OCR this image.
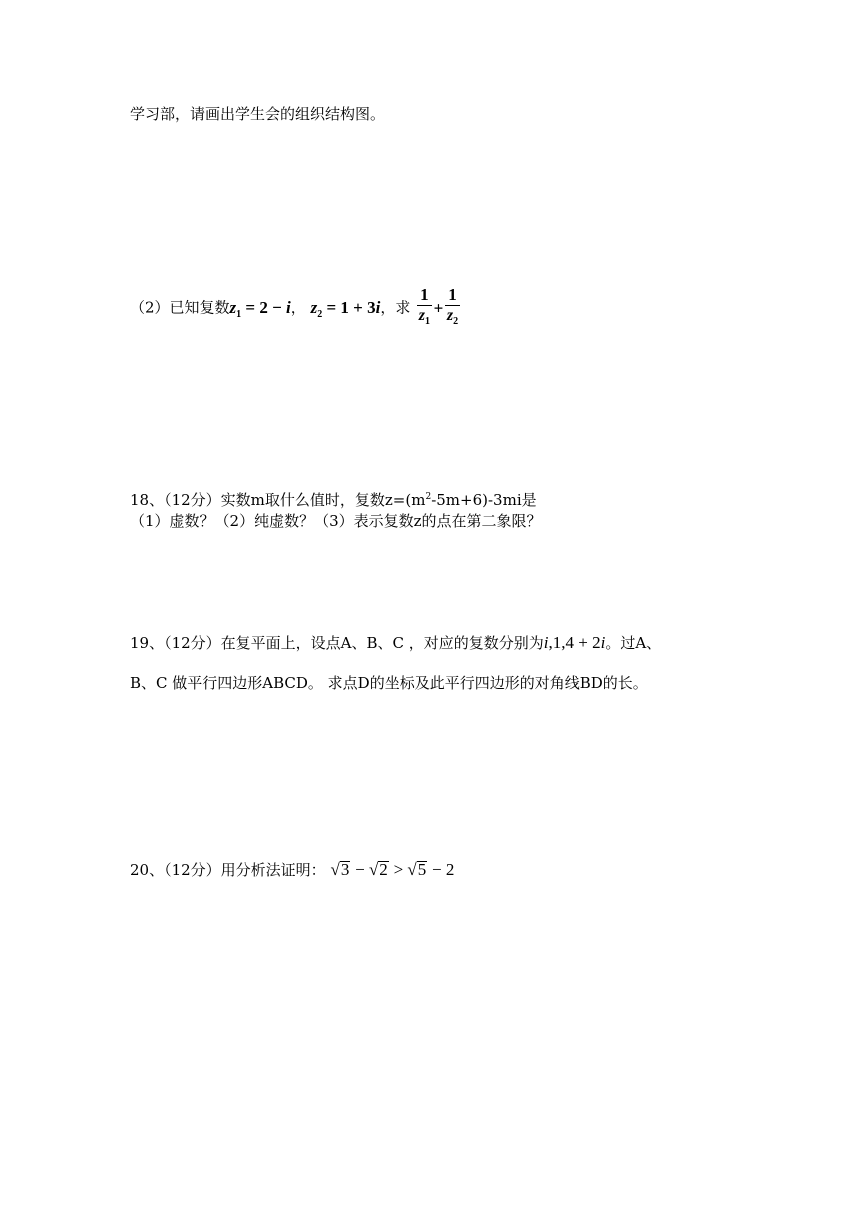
学习部，请画出学生会的组织结构图。
（2）已知复数$z_1 = 2 - i$， $z_2 = 1 + 3i$，求 $\frac{1}{z_1} + \frac{1}{z_2}$
18、（12分）实数m取什么值时，复数$z=(m^2-5m+6)-3mi$是
（1）虚数？（2）纯虚数？（3）表示复数z的点在第二象限？
19、（12分）在复平面上，设点A、B、C ，对应的复数分别为i,1,4 + 2i。过A、
B、C 做平行四边形ABCD。 求点D的坐标及此平行四边形的对角线BD的长。
20、（12分）用分析法证明： √3 − √2 > √5 − 2
